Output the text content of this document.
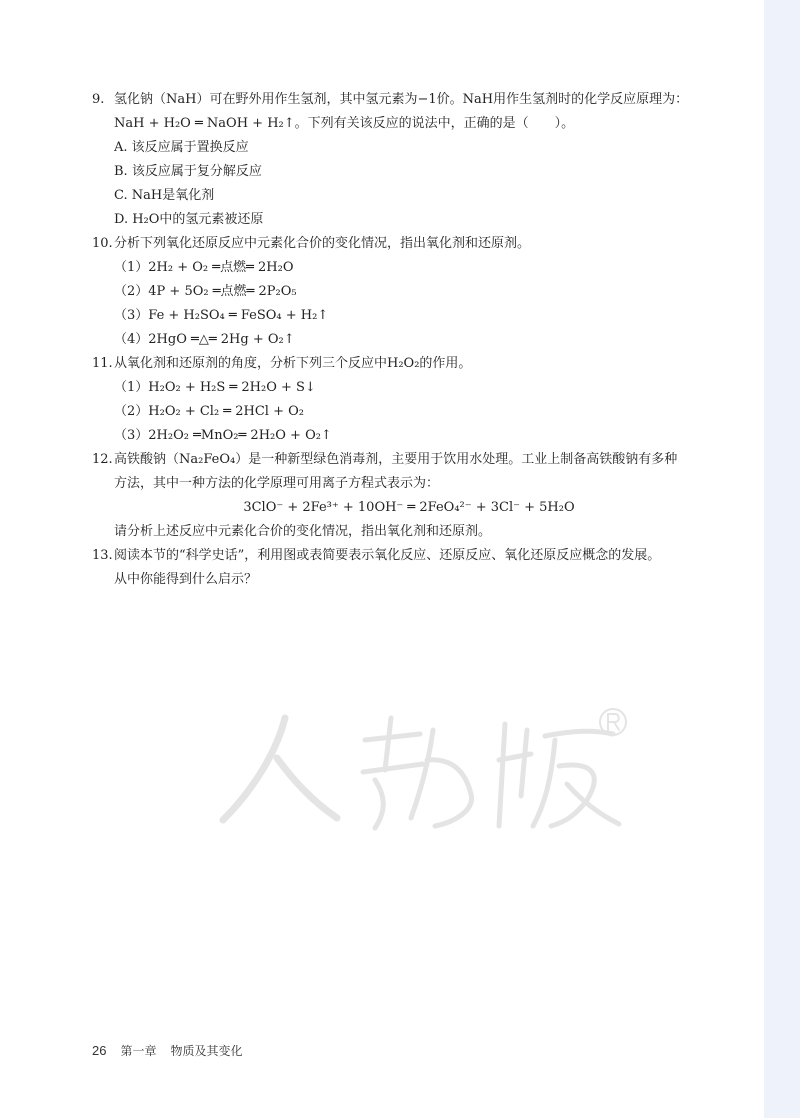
9. 氢化钠（NaH）可在野外用作生氢剂，其中氢元素为−1价。NaH用作生氢剂时的化学反应原理为：

NaH + H₂O ═ NaOH + H₂↑。下列有关该反应的说法中，正确的是（　　）。

A. 该反应属于置换反应

B. 该反应属于复分解反应

C. NaH是氧化剂

D. H₂O中的氢元素被还原

10.分析下列氧化还原反应中元素化合价的变化情况，指出氧化剂和还原剂。

（1）2H₂ + O₂ ═点燃═ 2H₂O

（2）4P + 5O₂ ═点燃═ 2P₂O₅

（3）Fe + H₂SO₄ ═ FeSO₄ + H₂↑

（4）2HgO ═△═ 2Hg + O₂↑

11.从氧化剂和还原剂的角度，分析下列三个反应中H₂O₂的作用。

（1）H₂O₂ + H₂S ═ 2H₂O + S↓

（2）H₂O₂ + Cl₂ ═ 2HCl + O₂

（3）2H₂O₂ ═MnO₂═ 2H₂O + O₂↑

12.高铁酸钠（Na₂FeO₄）是一种新型绿色消毒剂，主要用于饮用水处理。工业上制备高铁酸钠有多种

方法，其中一种方法的化学原理可用离子方程式表示为：

3ClO⁻ + 2Fe³⁺ + 10OH⁻ ═ 2FeO₄²⁻ + 3Cl⁻ + 5H₂O

请分析上述反应中元素化合价的变化情况，指出氧化剂和还原剂。

13.阅读本节的“科学史话”，利用图或表简要表示氧化反应、还原反应、氧化还原反应概念的发展。

从中你能得到什么启示？

26 第一章 物质及其变化
